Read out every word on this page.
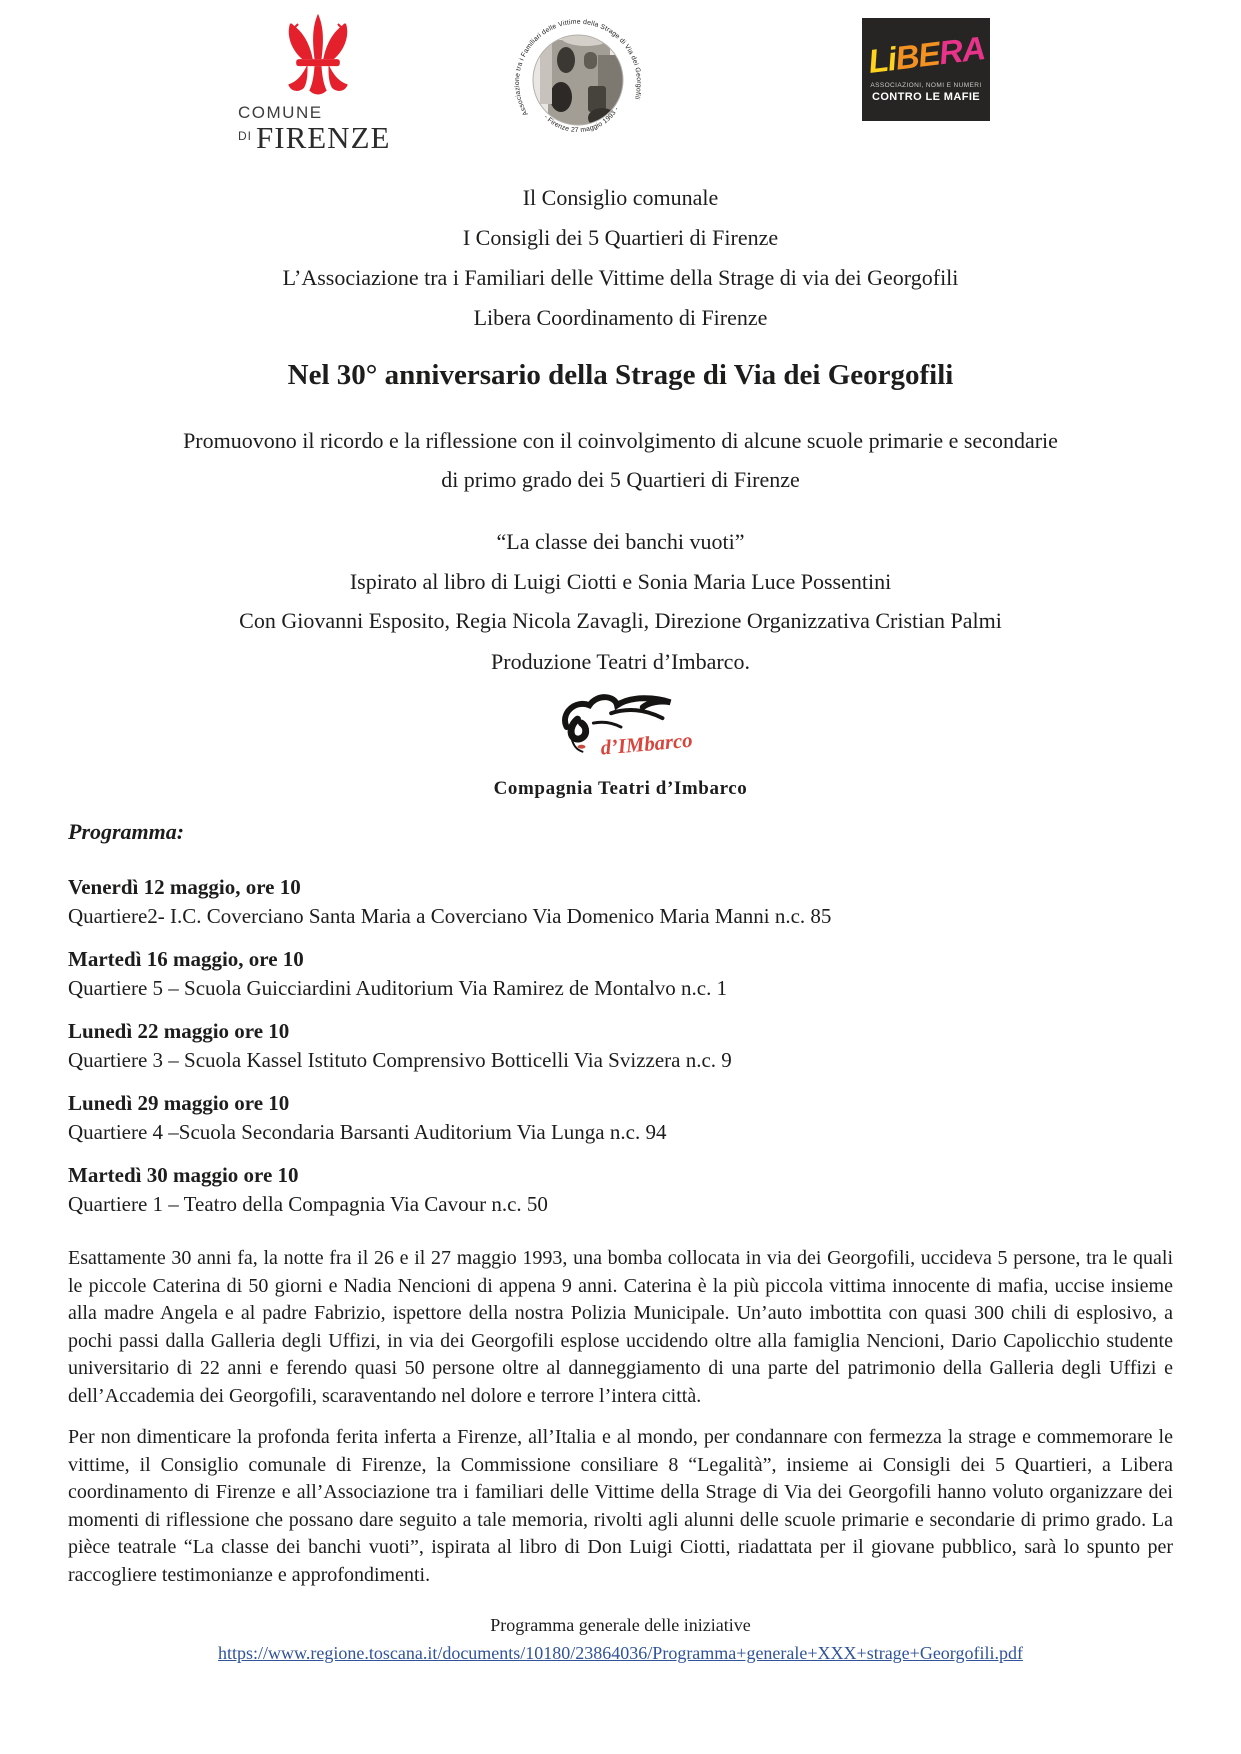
COMUNE
$^{DI}$ FIRENZE
Associazione tra i Familiari delle Vittime della Strage di Via dei Georgofili
- Firenze 27 maggio 1993 -
LiBERA
ASSOCIAZIONI, NOMI E NUMERI
CONTRO LE MAFIE

Il Consiglio comunale

I Consigli dei 5 Quartieri di Firenze

L’Associazione tra i Familiari delle Vittime della Strage di via dei Georgofili

Libera Coordinamento di Firenze

Nel 30° anniversario della Strage di Via dei Georgofili

Promuovono il ricordo e la riflessione con il coinvolgimento di alcune scuole primarie e secondarie

di primo grado dei 5 Quartieri di Firenze

“La classe dei banchi vuoti”

Ispirato al libro di Luigi Ciotti e Sonia Maria Luce Possentini

Con Giovanni Esposito, Regia Nicola Zavagli, Direzione Organizzativa Cristian Palmi

Produzione Teatri d’Imbarco.

d’IMbarco

Compagnia Teatri d’Imbarco

Programma:

Venerdì 12 maggio, ore 10
Quartiere2- I.C. Coverciano Santa Maria a Coverciano Via Domenico Maria Manni n.c. 85
Martedì 16 maggio, ore 10
Quartiere 5 – Scuola Guicciardini Auditorium Via Ramirez de Montalvo n.c. 1
Lunedì 22 maggio ore 10
Quartiere 3 – Scuola Kassel Istituto Comprensivo Botticelli Via Svizzera n.c. 9
Lunedì 29 maggio ore 10
Quartiere 4 –Scuola Secondaria Barsanti Auditorium Via Lunga n.c. 94
Martedì 30 maggio ore 10
Quartiere 1 – Teatro della Compagnia Via Cavour n.c. 50

Esattamente 30 anni fa, la notte fra il 26 e il 27 maggio 1993, una bomba collocata in via dei Georgofili, uccideva 5 persone, tra le quali le piccole Caterina di 50 giorni e Nadia Nencioni di appena 9 anni. Caterina è la più piccola vittima innocente di mafia, uccise insieme alla madre Angela e al padre Fabrizio, ispettore della nostra Polizia Municipale. Un’auto imbottita con quasi 300 chili di esplosivo, a pochi passi dalla Galleria degli Uffizi, in via dei Georgofili esplose uccidendo oltre alla famiglia Nencioni, Dario Capolicchio studente universitario di 22 anni e ferendo quasi 50 persone oltre al danneggiamento di una parte del patrimonio della Galleria degli Uffizi e dell’Accademia dei Georgofili, scaraventando nel dolore e terrore l’intera città.

Per non dimenticare la profonda ferita inferta a Firenze, all’Italia e al mondo, per condannare con fermezza la strage e commemorare le vittime, il Consiglio comunale di Firenze, la Commissione consiliare 8 “Legalità”, insieme ai Consigli dei 5 Quartieri, a Libera coordinamento di Firenze e all’Associazione tra i familiari delle Vittime della Strage di Via dei Georgofili hanno voluto organizzare dei momenti di riflessione che possano dare seguito a tale memoria, rivolti agli alunni delle scuole primarie e secondarie di primo grado. La pièce teatrale “La classe dei banchi vuoti”, ispirata al libro di Don Luigi Ciotti, riadattata per il giovane pubblico, sarà lo spunto per raccogliere testimonianze e approfondimenti.

Programma generale delle iniziative

https://www.regione.toscana.it/documents/10180/23864036/Programma+generale+XXX+strage+Georgofili.pdf
